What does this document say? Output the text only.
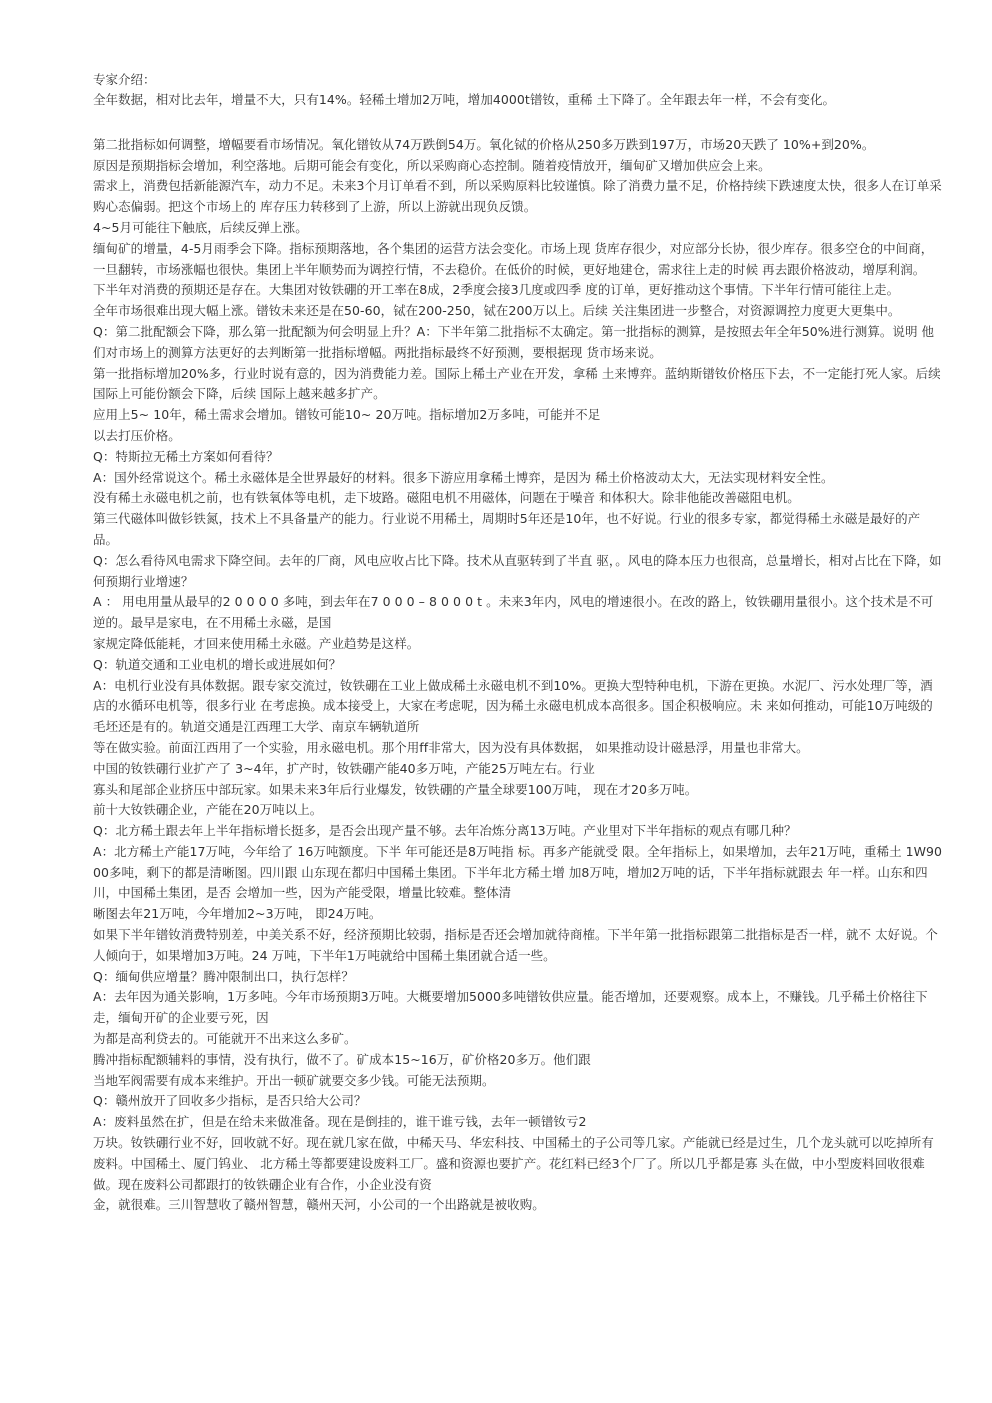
专家介绍：

全年数据，相对比去年，增量不大，只有14%。轻稀土增加2万吨，增加4000t镨钕，重稀 土下降了。全年跟去年一样，不会有变化。

第二批指标如何调整，增幅要看市场情况。氧化镨钕从74万跌倒54万。氧化铽的价格从250多万跌到197万，市场20天跌了 10%+到20%。

原因是预期指标会增加，利空落地。后期可能会有变化，所以采购商心态控制。随着疫情放开，缅甸矿又增加供应会上来。

需求上，消费包括新能源汽车，动力不足。未来3个月订单看不到，所以采购原料比较谨慎。除了消费力量不足，价格持续下跌速度太快，很多人在订单采购心态偏弱。把这个市场上的 库存压力转移到了上游，所以上游就出现负反馈。

4~5月可能往下触底，后续反弹上涨。

缅甸矿的增量，4-5月雨季会下降。指标预期落地，各个集团的运营方法会变化。市场上现 货库存很少，对应部分长协，很少库存。很多空仓的中间商，一旦翻转，市场涨幅也很快。集团上半年顺势而为调控行情，不去稳价。在低价的时候，更好地建仓，需求往上走的时候 再去跟价格波动，增厚利润。

下半年对消费的预期还是存在。大集团对钕铁硼的开工率在8成，2季度会接3几度或四季 度的订单，更好推动这个事情。下半年行情可能往上走。

全年市场很难出现大幅上涨。镨钕未来还是在50-60，铽在200-250，铽在200万以上。后续 关注集团进一步整合，对资源调控力度更大更集中。

Q：第二批配额会下降，那么第一批配额为何会明显上升？A：下半年第二批指标不太确定。第一批指标的测算，是按照去年全年50%进行测算。说明 他们对市场上的测算方法更好的去判断第一批指标增幅。两批指标最终不好预测，要根据现 货市场来说。

第一批指标增加20%多，行业时说有意的，因为消费能力差。国际上稀土产业在开发，拿稀 土来博弈。蓝纳斯镨钕价格压下去，不一定能打死人家。后续国际上可能份额会下降，后续 国际上越来越多扩产。

应用上5~ 10年，稀土需求会增加。镨钕可能10~ 20万吨。指标增加2万多吨，可能并不足

以去打压价格。

Q：特斯拉无稀土方案如何看待？

A：国外经常说这个。稀土永磁体是全世界最好的材料。很多下游应用拿稀土博弈，是因为 稀土价格波动太大，无法实现材料安全性。

没有稀土永磁电机之前，也有铁氧体等电机，走下坡路。磁阻电机不用磁体，问题在于噪音 和体积大。除非他能改善磁阻电机。

第三代磁体叫做钐铁氮，技术上不具备量产的能力。行业说不用稀土，周期时5年还是10年，也不好说。行业的很多专家，都觉得稀土永磁是最好的产品。

Q：怎么看待风电需求下降空间。去年的厂商，风电应收占比下降。技术从直驱转到了半直 驱，。风电的降本压力也很高，总量增长，相对占比在下降，如何预期行业增速？

A ： 用电用量从最早的2 0 0 0 0 多吨，到去年在7 0 0 0 – 8 0 0 0 t 。未来3年内，风电的增速很小。在改的路上，钕铁硼用量很小。这个技术是不可逆的。最早是家电，在不用稀土永磁，是国

家规定降低能耗，才回来使用稀土永磁。产业趋势是这样。

Q：轨道交通和工业电机的增长或进展如何？

A：电机行业没有具体数据。跟专家交流过，钕铁硼在工业上做成稀土永磁电机不到10%。更换大型特种电机，下游在更换。水泥厂、污水处理厂等，酒店的水循环电机等，很多行业 在考虑换。成本接受上，大家在考虑呢，因为稀土永磁电机成本高很多。国企积极响应。未 来如何推动，可能10万吨级的毛坯还是有的。轨道交通是江西理工大学、南京车辆轨道所

等在做实验。前面江西用了一个实验，用永磁电机。那个用ff非常大，因为没有具体数据， 如果推动设计磁悬浮，用量也非常大。

中国的钕铁硼行业扩产了 3~4年，扩产时，钕铁硼产能40多万吨，产能25万吨左右。行业

寡头和尾部企业挤压中部玩家。如果未来3年后行业爆发，钕铁硼的产量全球要100万吨， 现在才20多万吨。

前十大钕铁硼企业，产能在20万吨以上。

Q：北方稀土跟去年上半年指标增长挺多，是否会出现产量不够。去年冶炼分离13万吨。产业里对下半年指标的观点有哪几种？

A：北方稀土产能17万吨，今年给了 16万吨额度。下半 年可能还是8万吨指 标。再多产能就受 限。全年指标上，如果增加，去年21万吨，重稀土 1W9000多吨，剩下的都是清晰图。四川跟 山东现在都归中国稀土集团。下半年北方稀土增 加8万吨，增加2万吨的话，下半年指标就跟去 年一样。山东和四川，中国稀土集团，是否 会增加一些，因为产能受限，增量比较难。整体清

晰图去年21万吨，今年增加2~3万吨， 即24万吨。

如果下半年镨钕消费特别差，中美关系不好，经济预期比较弱，指标是否还会增加就待商榷。下半年第一批指标跟第二批指标是否一样，就不 太好说。个人倾向于，如果增加3万吨。24 万吨，下半年1万吨就给中国稀土集团就合适一些。

Q：缅甸供应增量？腾冲限制出口，执行怎样？

A：去年因为通关影响，1万多吨。今年市场预期3万吨。大概要增加5000多吨镨钕供应量。能否增加，还要观察。成本上，不赚钱。几乎稀土价格往下走，缅甸开矿的企业要亏死，因

为都是高利贷去的。可能就开不出来这么多矿。

腾冲指标配额辅料的事情，没有执行，做不了。矿成本15~16万，矿价格20多万。他们跟

当地军阀需要有成本来维护。开出一顿矿就要交多少钱。可能无法预期。

Q：赣州放开了回收多少指标，是否只给大公司？

A：废料虽然在扩，但是在给未来做准备。现在是倒挂的，谁干谁亏钱，去年一顿镨钕亏2

万块。钕铁硼行业不好，回收就不好。现在就几家在做，中稀天马、华宏科技、中国稀土的子公司等几家。产能就已经是过生，几个龙头就可以吃掉所有废料。中国稀土、厦门钨业、 北方稀土等都要建设废料工厂。盛和资源也要扩产。花红料已经3个厂了。所以几乎都是寡 头在做，中小型废料回收很难做。现在废料公司都跟打的钕铁硼企业有合作，小企业没有资

金，就很难。三川智慧收了赣州智慧，赣州天河，小公司的一个出路就是被收购。
